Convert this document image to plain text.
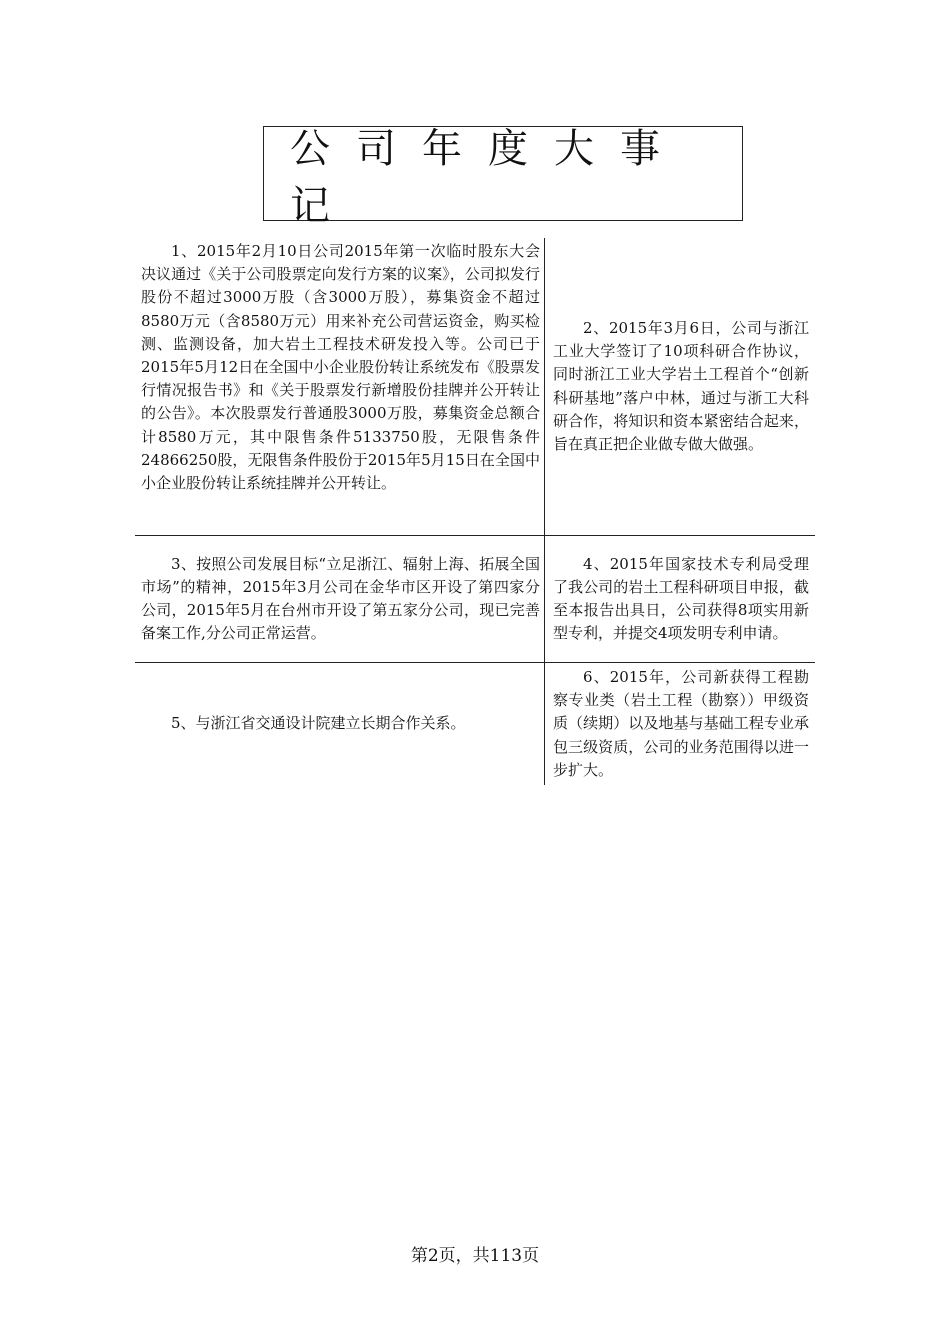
公司年度大事记

1、2015年2月10日公司2015年第一次临时股东大会决议通过《关于公司股票定向发行方案的议案》，公司拟发行股份不超过3000万股（含3000万股），募集资金不超过8580万元（含8580万元）用来补充公司营运资金，购买检测、监测设备，加大岩土工程技术研发投入等。公司已于2015年5月12日在全国中小企业股份转让系统发布《股票发行情况报告书》和《关于股票发行新增股份挂牌并公开转让的公告》。本次股票发行普通股3000万股，募集资金总额合计8580万元，其中限售条件5133750股，无限售条件24866250股，无限售条件股份于2015年5月15日在全国中小企业股份转让系统挂牌并公开转让。

2、2015年3月6日，公司与浙江工业大学签订了10项科研合作协议，同时浙江工业大学岩土工程首个“创新科研基地”落户中林，通过与浙工大科研合作，将知识和资本紧密结合起来，旨在真正把企业做专做大做强。

3、按照公司发展目标“立足浙江、辐射上海、拓展全国市场”的精神，2015年3月公司在金华市区开设了第四家分公司，2015年5月在台州市开设了第五家分公司，现已完善备案工作,分公司正常运营。

4、2015年国家技术专利局受理了我公司的岩土工程科研项目申报，截至本报告出具日，公司获得8项实用新型专利，并提交4项发明专利申请。

5、与浙江省交通设计院建立长期合作关系。

6、2015年，公司新获得工程勘察专业类（岩土工程（勘察））甲级资质（续期）以及地基与基础工程专业承包三级资质，公司的业务范围得以进一步扩大。

第2页，共113页
